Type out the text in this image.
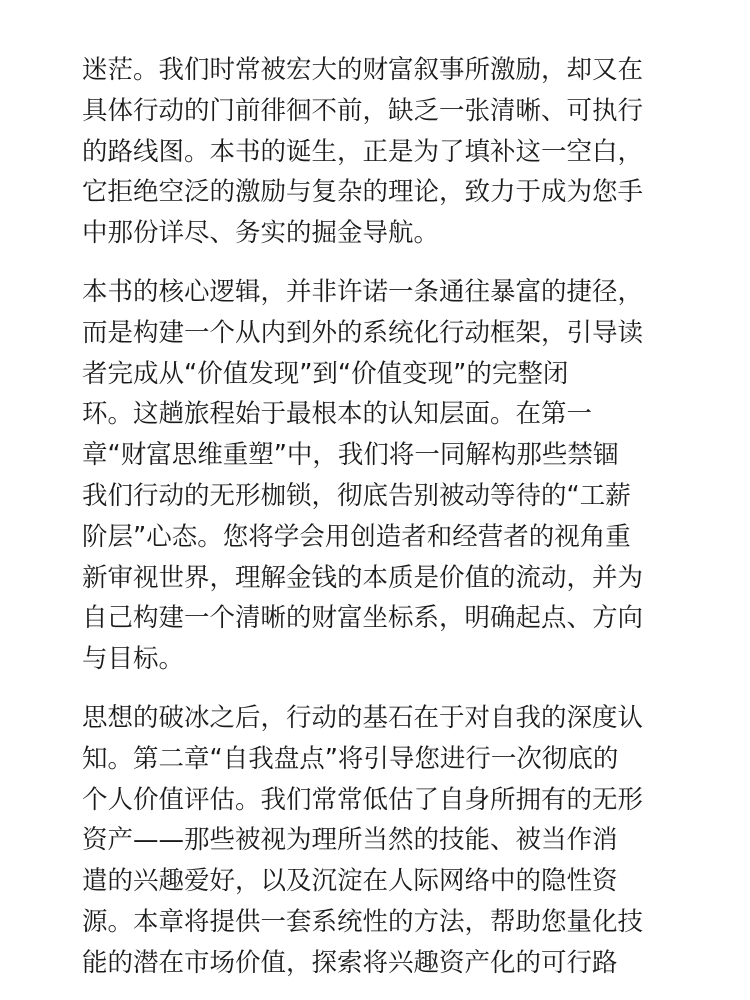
迷茫。我们时常被宏大的财富叙事所激励，却又在
具体行动的门前徘徊不前，缺乏一张清晰、可执行
的路线图。本书的诞生，正是为了填补这一空白，
它拒绝空泛的激励与复杂的理论，致力于成为您手
中那份详尽、务实的掘金导航。

本书的核心逻辑，并非许诺一条通往暴富的捷径，
而是构建一个从内到外的系统化行动框架，引导读
者完成从“价值发现”到“价值变现”的完整闭
环。这趟旅程始于最根本的认知层面。在第一
章“财富思维重塑”中，我们将一同解构那些禁锢
我们行动的无形枷锁，彻底告别被动等待的“工薪
阶层”心态。您将学会用创造者和经营者的视角重
新审视世界，理解金钱的本质是价值的流动，并为
自己构建一个清晰的财富坐标系，明确起点、方向
与目标。

思想的破冰之后，行动的基石在于对自我的深度认
知。第二章“自我盘点”将引导您进行一次彻底的
个人价值评估。我们常常低估了自身所拥有的无形
资产——那些被视为理所当然的技能、被当作消
遣的兴趣爱好，以及沉淀在人际网络中的隐性资
源。本章将提供一套系统性的方法，帮助您量化技
能的潜在市场价值，探索将兴趣资产化的可行路
